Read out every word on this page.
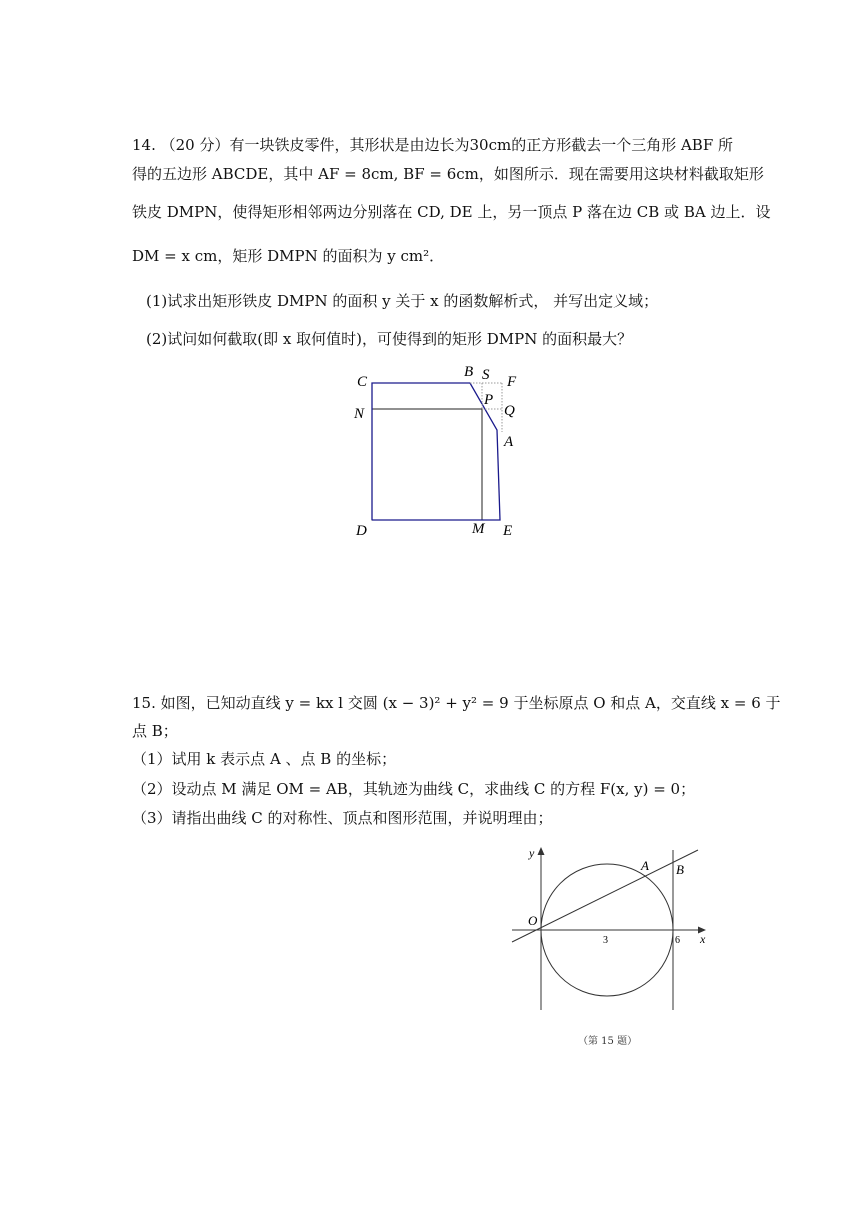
14. （20 分）有一块铁皮零件，其形状是由边长为30cm的正方形截去一个三角形 ABF 所
得的五边形 ABCDE，其中 AF = 8cm, BF = 6cm，如图所示．现在需要用这块材料截取矩形
铁皮 DMPN，使得矩形相邻两边分别落在 CD, DE 上，另一顶点 P 落在边 CB 或 BA 边上．设
DM = x cm，矩形 DMPN 的面积为 y cm²．
(1)试求出矩形铁皮 DMPN 的面积 y 关于 x 的函数解析式， 并写出定义域；
(2)试问如何截取(即 x 取何值时)，可使得到的矩形 DMPN 的面积最大？
C
B S F
N
P
Q
A
D	M E
15. 如图，已知动直线 y = kx l 交圆 (x − 3)² + y² = 9 于坐标原点 O 和点 A，交直线 x = 6 于
点 B；
（1）试用 k 表示点 A 、点 B 的坐标；
（2）设动点 M 满足 OM = AB，其轨迹为曲线 C，求曲线 C 的方程 F(x, y) = 0；
（3）请指出曲线 C 的对称性、顶点和图形范围，并说明理由；
y
x
O
A B
3	6
（第 15 题）
